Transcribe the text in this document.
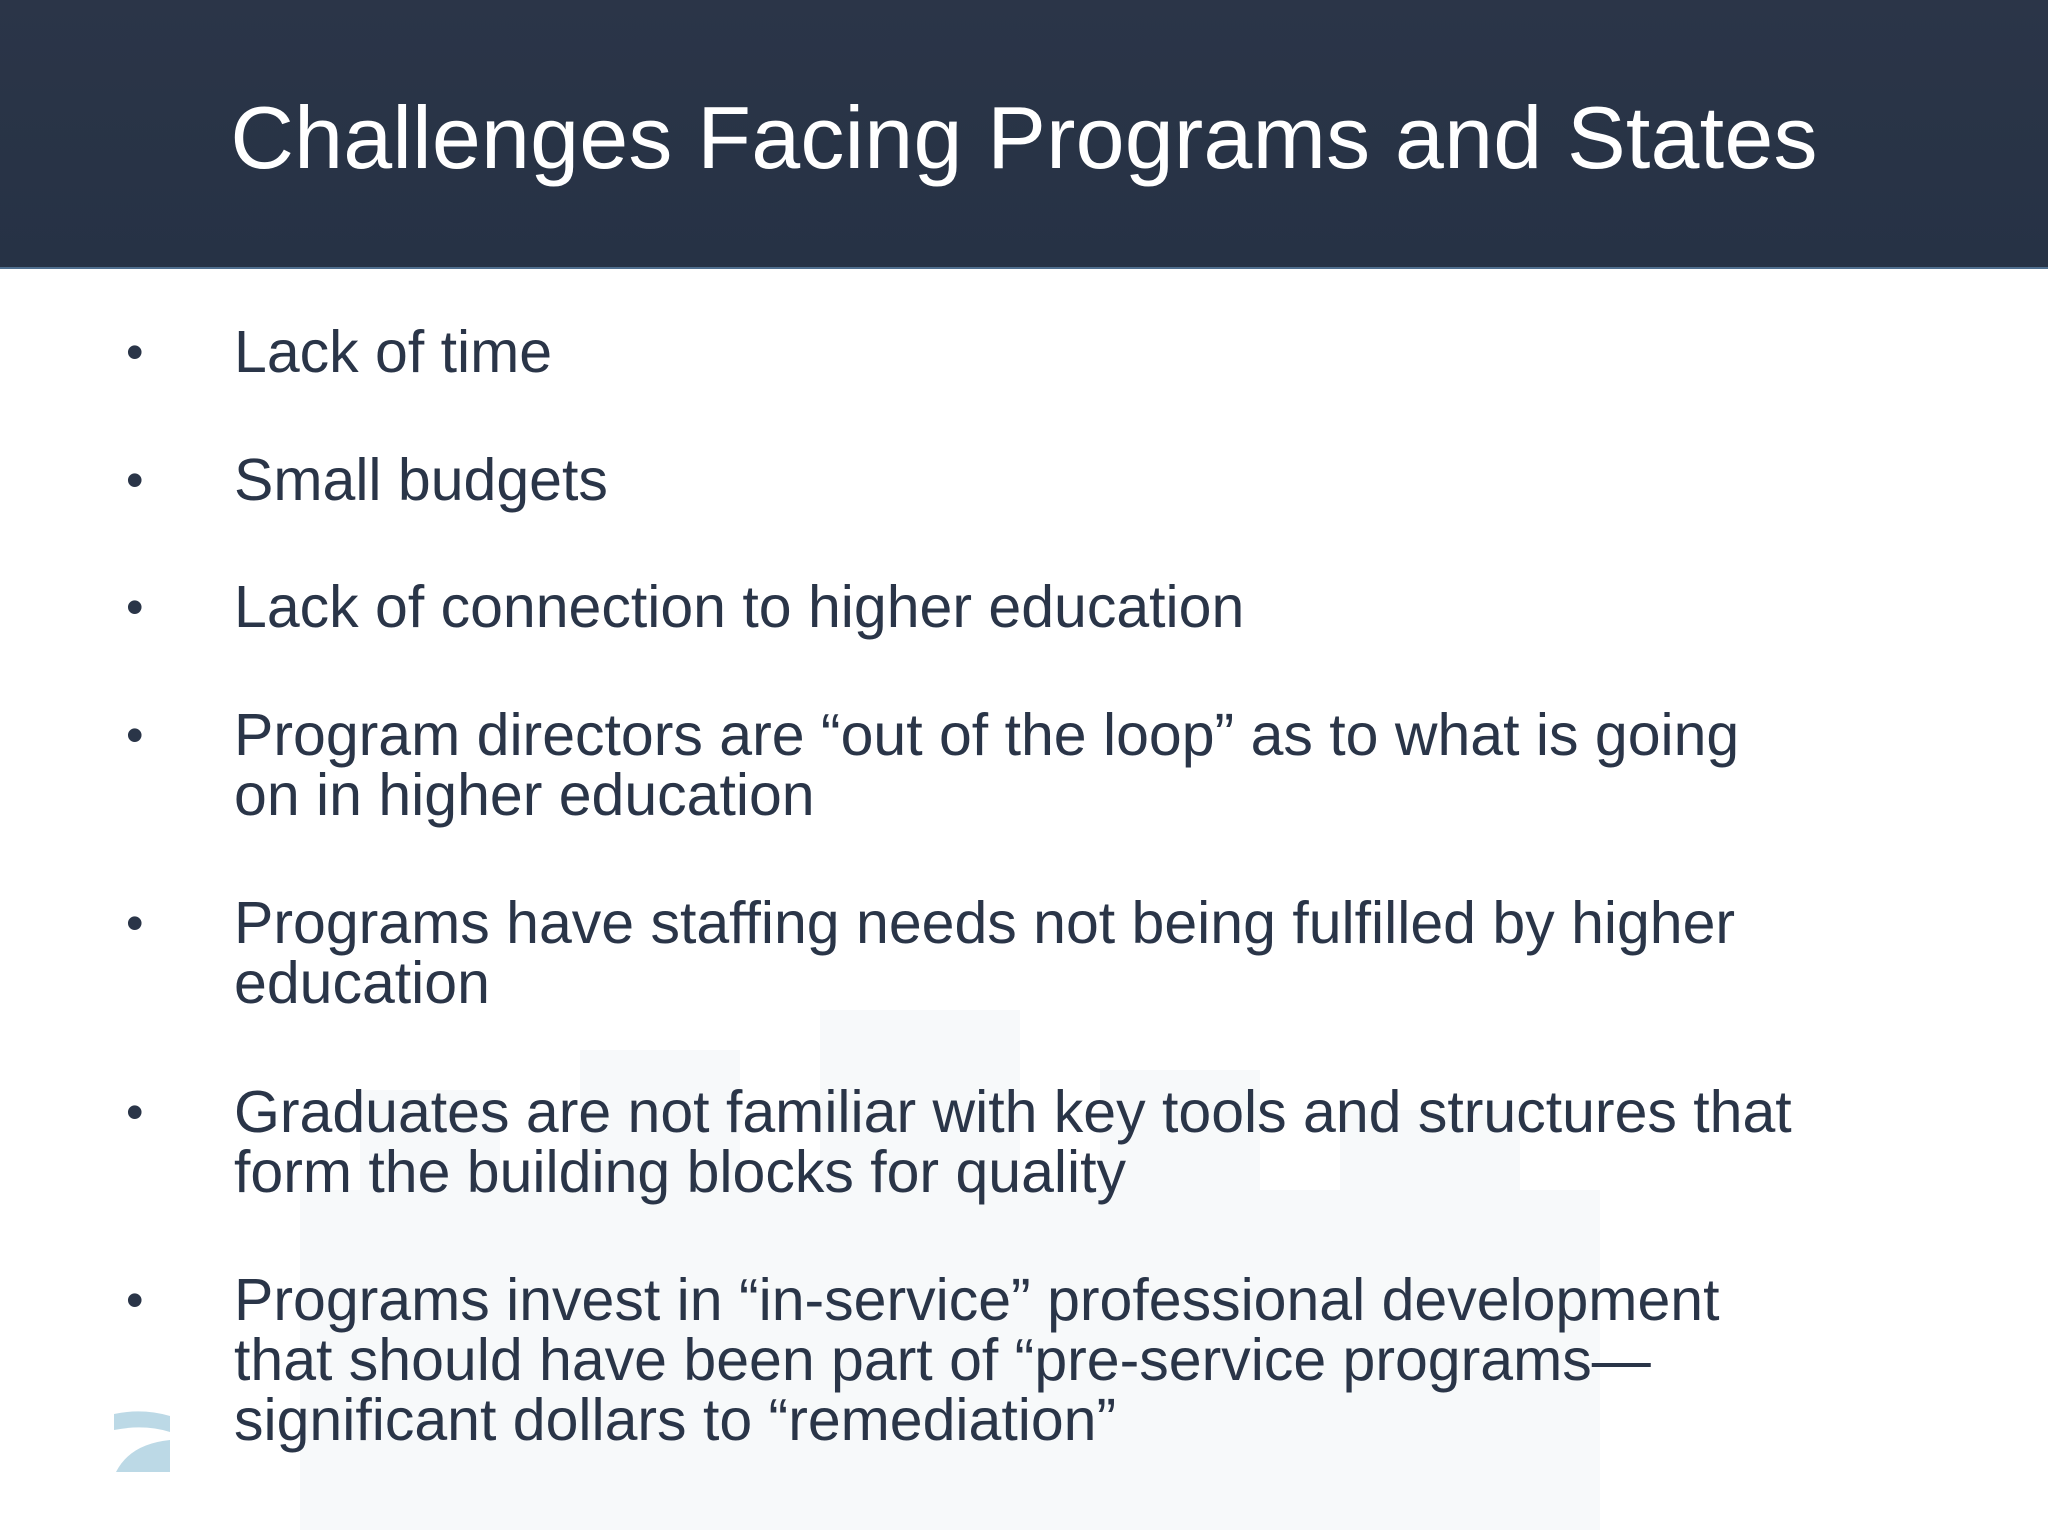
Challenges Facing Programs and States
• Lack of time
• Small budgets
• Lack of connection to higher education
• Program directors are “out of the loop” as to what is going
on in higher education
• Programs have staffing needs not being fulfilled by higher
education
• Graduates are not familiar with key tools and structures that
form the building blocks for quality
• Programs invest in “in-service” professional development
that should have been part of “pre-service programs—
significant dollars to “remediation”
